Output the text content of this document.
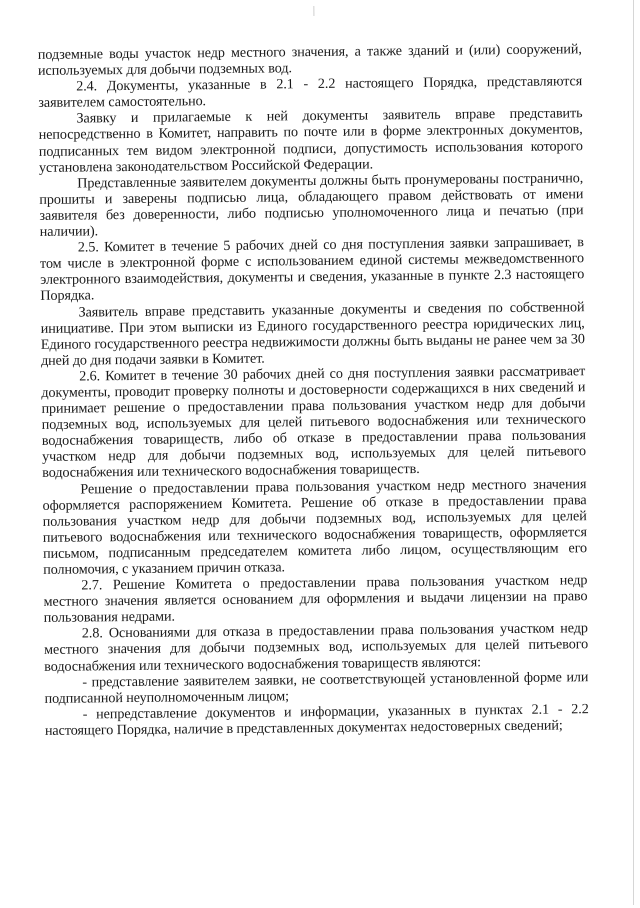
подземные воды участок недр местного значения, а также зданий и (или) сооружений, используемых для добычи подземных вод.

2.4. Документы, указанные в 2.1 - 2.2 настоящего Порядка, представляются заявителем самостоятельно.

Заявку и прилагаемые к ней документы заявитель вправе представить непосредственно в Комитет, направить по почте или в форме электронных документов, подписанных тем видом электронной подписи, допустимость использования которого установлена законодательством Российской Федерации.

Представленные заявителем документы должны быть пронумерованы постранично, прошиты и заверены подписью лица, обладающего правом действовать от имени заявителя без доверенности, либо подписью уполномоченного лица и печатью (при наличии).

2.5. Комитет в течение 5 рабочих дней со дня поступления заявки запрашивает, в том числе в электронной форме с использованием единой системы межведомственного электронного взаимодействия, документы и сведения, указанные в пункте 2.3 настоящего Порядка.

Заявитель вправе представить указанные документы и сведения по собственной инициативе. При этом выписки из Единого государственного реестра юридических лиц, Единого государственного реестра недвижимости должны быть выданы не ранее чем за 30 дней до дня подачи заявки в Комитет.

2.6. Комитет в течение 30 рабочих дней со дня поступления заявки рассматривает документы, проводит проверку полноты и достоверности содержащихся в них сведений и принимает решение о предоставлении права пользования участком недр для добычи подземных вод, используемых для целей питьевого водоснабжения или технического водоснабжения товариществ, либо об отказе в предоставлении права пользования участком недр для добычи подземных вод, используемых для целей питьевого водоснабжения или технического водоснабжения товариществ.

Решение о предоставлении права пользования участком недр местного значения оформляется распоряжением Комитета. Решение об отказе в предоставлении права пользования участком недр для добычи подземных вод, используемых для целей питьевого водоснабжения или технического водоснабжения товариществ, оформляется письмом, подписанным председателем комитета либо лицом, осуществляющим его полномочия, с указанием причин отказа.

2.7. Решение Комитета о предоставлении права пользования участком недр местного значения является основанием для оформления и выдачи лицензии на право пользования недрами.

2.8. Основаниями для отказа в предоставлении права пользования участком недр местного значения для добычи подземных вод, используемых для целей питьевого водоснабжения или технического водоснабжения товариществ являются:

- представление заявителем заявки, не соответствующей установленной форме или подписанной неуполномоченным лицом;

- непредставление документов и информации, указанных в пунктах 2.1 - 2.2 настоящего Порядка, наличие в представленных документах недостоверных сведений;
